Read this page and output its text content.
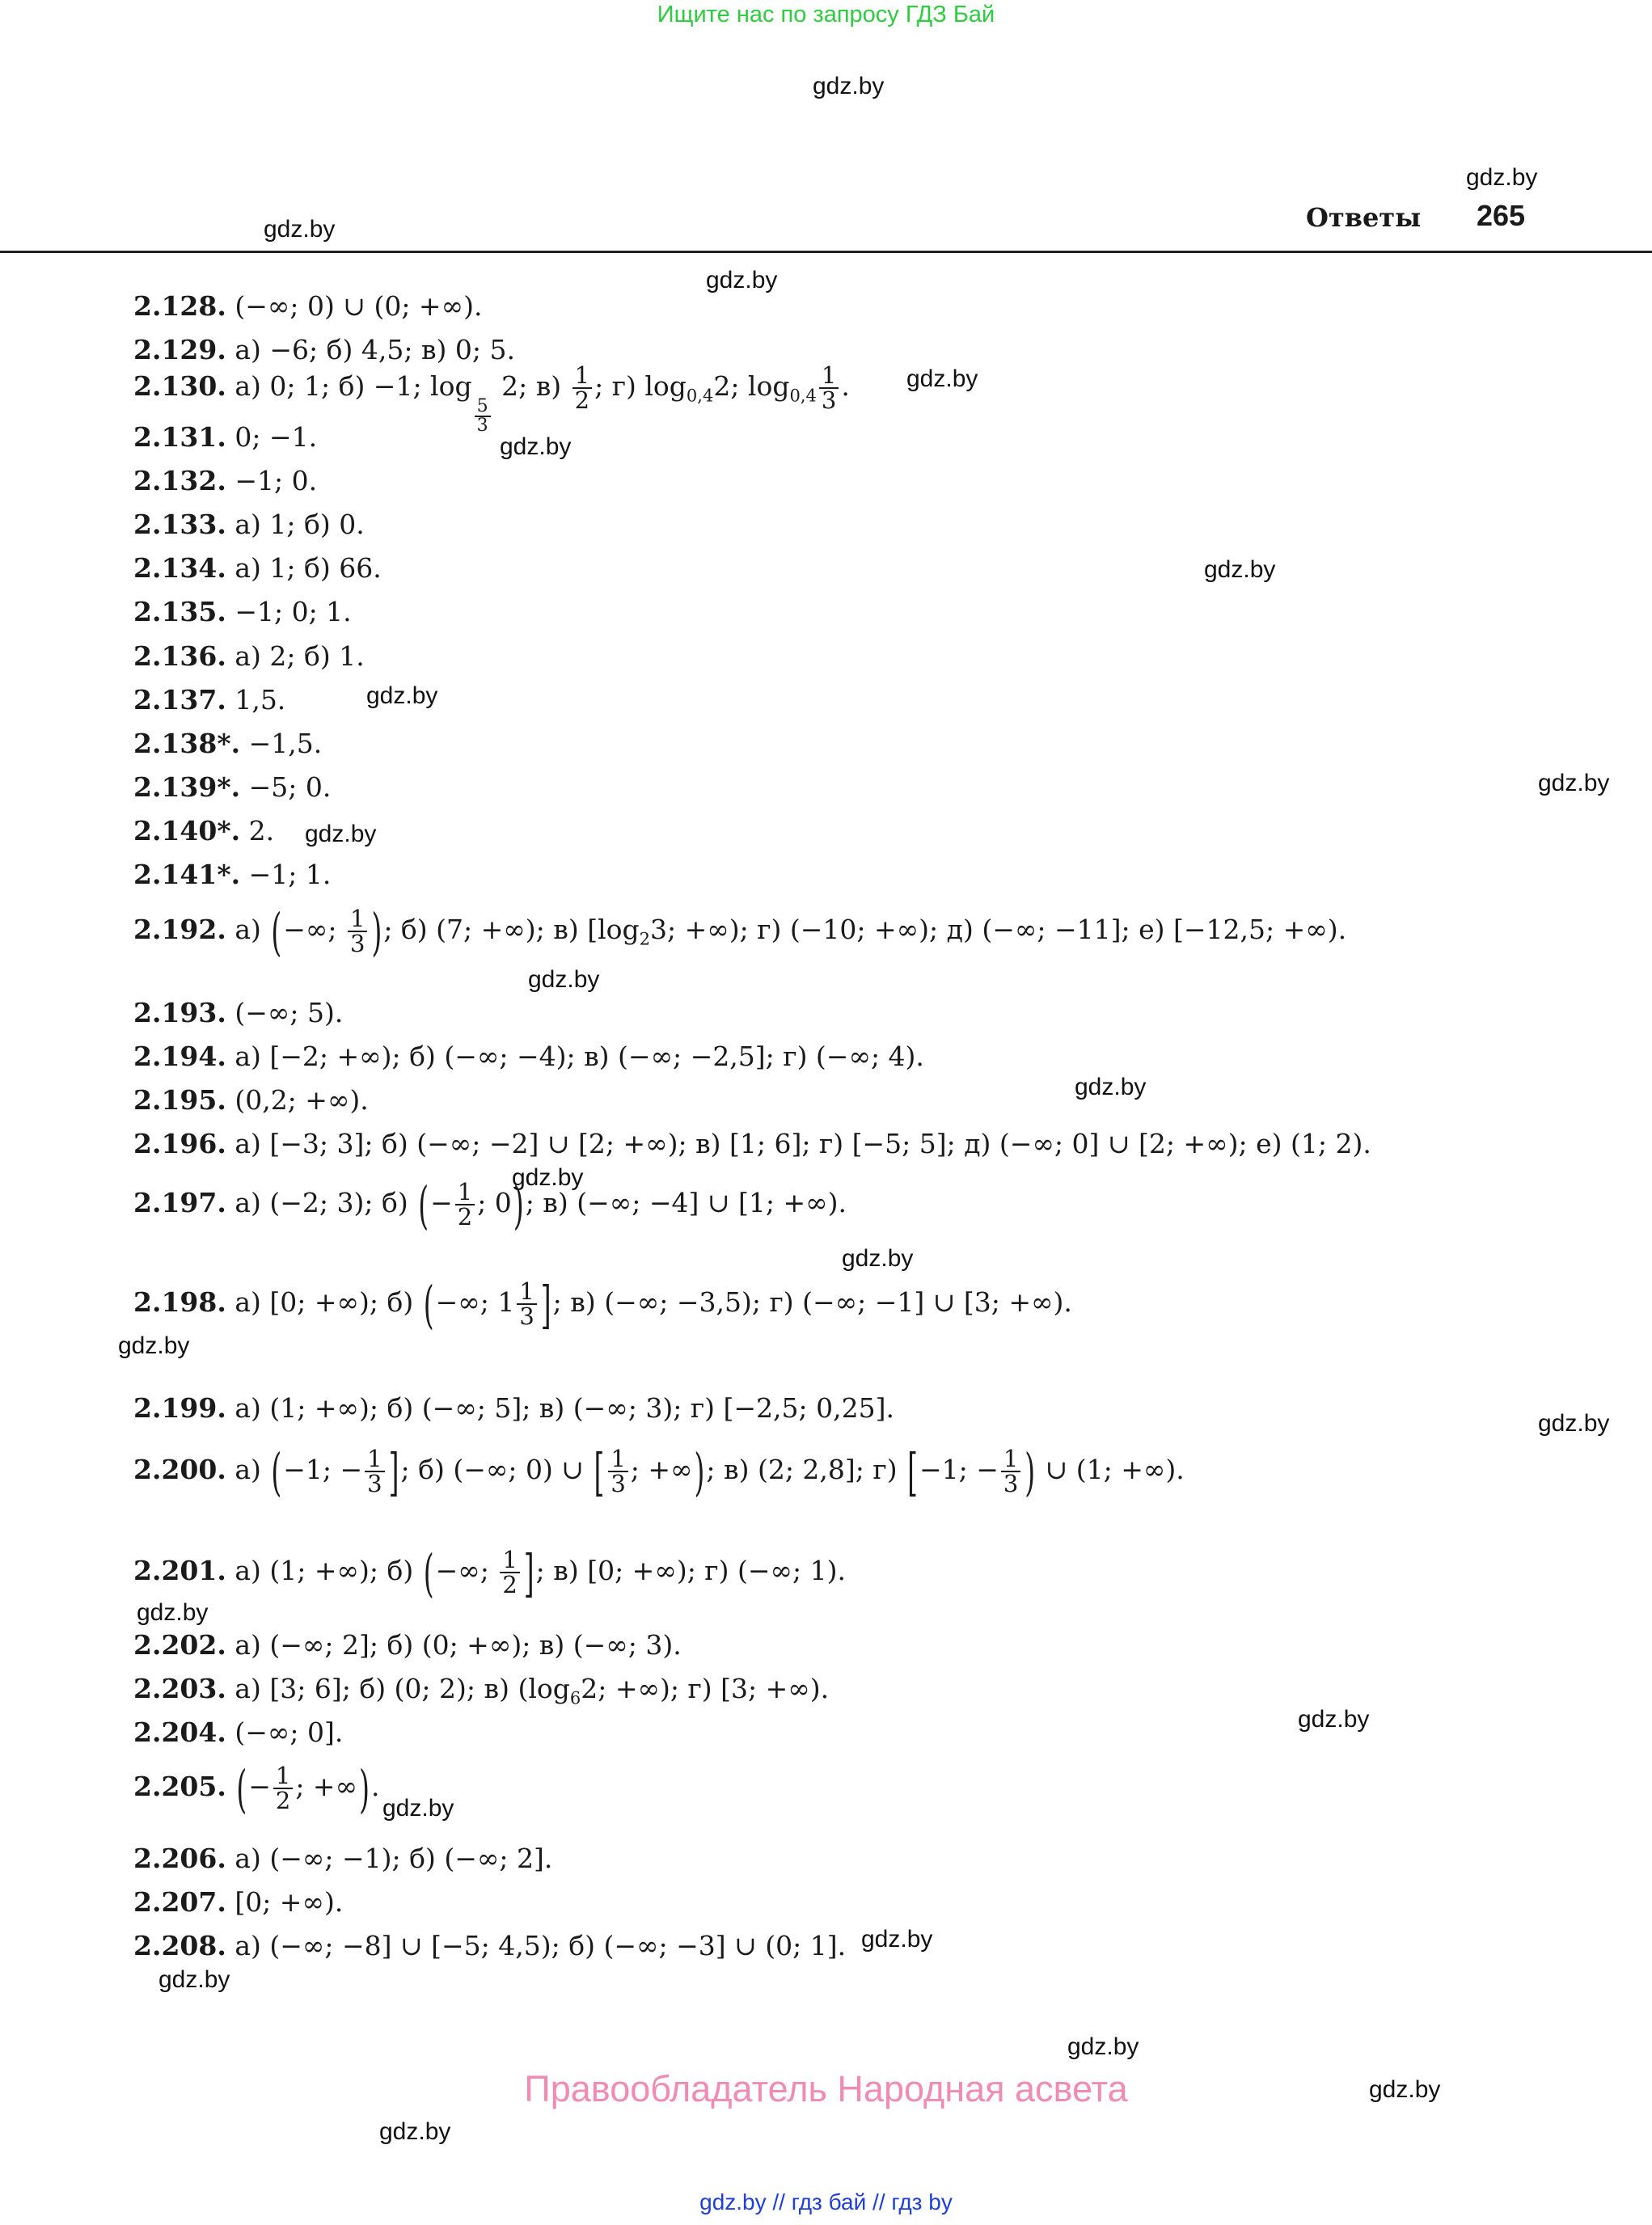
Ищите нас по запросу ГДЗ Бай
gdz.by
gdz.by
gdz.by
gdz.by
gdz.by
gdz.by
gdz.by
gdz.by
gdz.by
gdz.by
gdz.by
gdz.by
gdz.by
gdz.by
gdz.by
gdz.by
gdz.by
gdz.by
gdz.by
gdz.by
gdz.by
gdz.by
gdz.by
gdz.by
Ответы 265
2.128. (−∞; 0) ∪ (0; +∞).
2.129. а) −6; б) 4,5; в) 0; 5.
2.130. а) 0; 1; б) −1; log
$\frac{5}{3}$
2; $в) \frac{1}{2}$ ; г) $\log_{0,4}2$; $\log_{0,4} \frac{1}{3}$ .
2.131. 0; −1.
2.132. −1; 0.
2.133. а) 1; б) 0.
2.134. а) 1; б) 66.
2.135. −1; 0; 1.
2.136. а) 2; б) 1.
2.137. 1,5.
2.138*. −1,5.
2.139*. −5; 0.
2.140*. 2.
2.141*. −1; 1.
2.192. а) (−∞; $\frac{1}{3}$ ); б) (7; +∞); в) [$\log_23$; +∞); г) (−10; +∞); д) (−∞; −11]; е) [−12,5; +∞).
2.193. (−∞; 5).
2.194. а) [−2; +∞); б) (−∞; −4); в) (−∞; −2,5]; г) (−∞; 4).
2.195. (0,2; +∞).
2.196. а) [−3; 3]; б) (−∞; −2] ∪ [2; +∞); в) [1; 6]; г) [−5; 5]; д) (−∞; 0] ∪ [2; +∞); е) (1; 2).
2.197. а) (−2; 3); б) (− $\frac{1}{2}$ ; 0); в) (−∞; −4] ∪ [1; +∞).
2.198. а) [0; +∞); б) (−∞; $1 \frac{1}{3}$ ]; в) (−∞; −3,5); г) (−∞; −1] ∪ [3; +∞).
2.199. а) (1; +∞); б) (−∞; 5]; в) (−∞; 3); г) [−2,5; 0,25].
2.200. а) (−1; − $\frac{1}{3}$ ]; б) (−∞; 0) ∪ [ $\frac{1}{3}$ ; +∞); в) (2; 2,8]; г) [−1; − $\frac{1}{3}$ ) ∪ (1; +∞).
2.201. а) (1; +∞); б) (−∞; $\frac{1}{2}$ ]; в) [0; +∞); г) (−∞; 1).
2.202. а) (−∞; 2]; б) (0; +∞); в) (−∞; 3).
2.203. а) [3; 6]; б) (0; 2); в) ($\log_62$; +∞); г) [3; +∞).
2.204. (−∞; 0].
2.205. (− $\frac{1}{2}$ ; +∞).
2.206. а) (−∞; −1); б) (−∞; 2].
2.207. [0; +∞).
2.208. а) (−∞; −8] ∪ [−5; 4,5); б) (−∞; −3] ∪ (0; 1].
Правообладатель Народная асвета
gdz.by // гдз бай // гдз by
